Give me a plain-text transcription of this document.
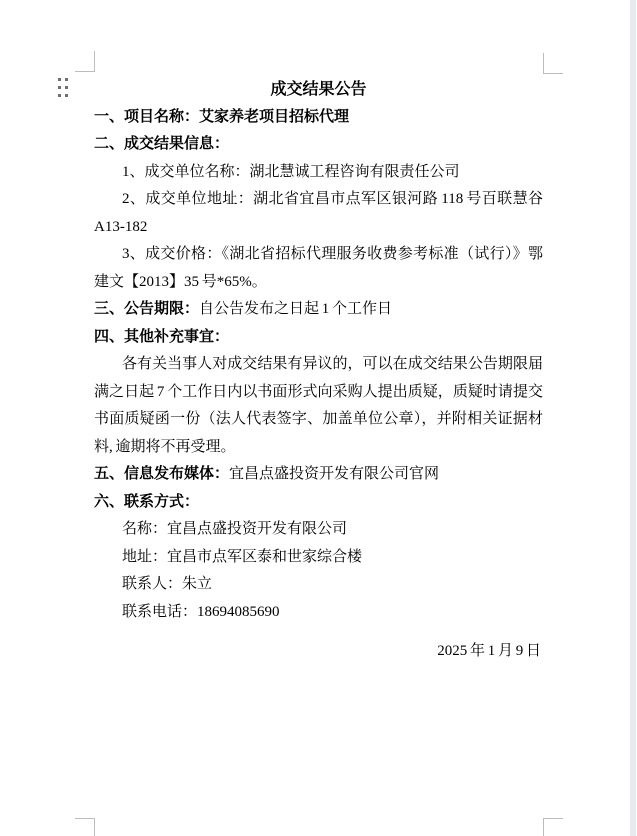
成交结果公告

一、项目名称：艾家养老项目招标代理

二、成交结果信息：

1、成交单位名称：湖北慧诚工程咨询有限责任公司

2、成交单位地址：湖北省宜昌市点军区银河路 118 号百联慧谷A13-182

3、成交价格：《湖北省招标代理服务收费参考标准（试行）》鄂建文【2013】35 号*65%。

三、公告期限：自公告发布之日起 1 个工作日

四、其他补充事宜：

各有关当事人对成交结果有异议的，可以在成交结果公告期限届满之日起 7 个工作日内以书面形式向采购人提出质疑，质疑时请提交书面质疑函一份（法人代表签字、加盖单位公章），并附相关证据材料, 逾期将不再受理。

五、信息发布媒体：宜昌点盛投资开发有限公司官网

六、联系方式：

名称：宜昌点盛投资开发有限公司

地址：宜昌市点军区泰和世家综合楼

联系人：朱立

联系电话：18694085690

2025 年 1 月 9 日
